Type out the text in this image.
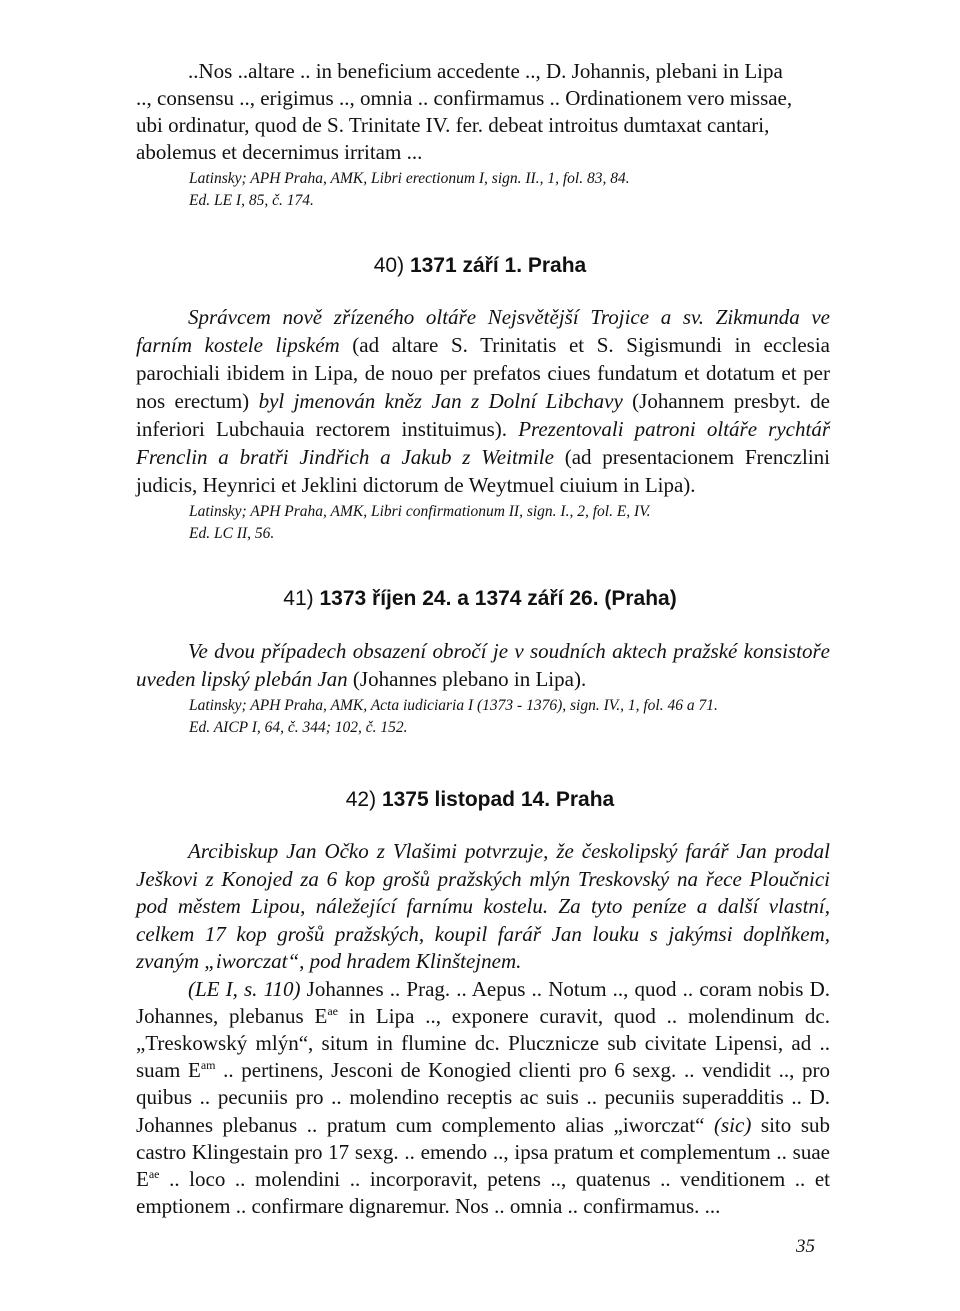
..Nos ..altare .. in beneficium accedente .., D. Johannis, plebani in Lipa
.., consensu .., erigimus .., omnia .. confirmamus .. Ordinationem vero missae,
ubi ordinatur, quod de S. Trinitate IV. fer. debeat introitus dumtaxat cantari,
abolemus et decernimus irritam ...
Latinsky; APH Praha, AMK, Libri erectionum I, sign. II., 1, fol. 83, 84.
Ed. LE I, 85, č. 174.
40) 1371 září 1. Praha
Správcem nově zřízeného oltáře Nejsvětější Trojice a sv. Zikmunda ve farním kostele lipském (ad altare S. Trinitatis et S. Sigismundi in ecclesia parochiali ibidem in Lipa, de nouo per prefatos ciues fundatum et dotatum et per nos erectum) byl jmenován kněz Jan z Dolní Libchavy (Johannem presbyt. de inferiori Lubchauia rectorem instituimus). Prezentovali patroni oltáře rychtář Frenclin a bratři Jindřich a Jakub z Weitmile (ad presentacionem Frenczlini judicis, Heynrici et Jeklini dictorum de Weytmuel ciuium in Lipa).
Latinsky; APH Praha, AMK, Libri confirmationum II, sign. I., 2, fol. E, IV.
Ed. LC II, 56.
41) 1373 říjen 24. a 1374 září 26. (Praha)
Ve dvou případech obsazení obročí je v soudních aktech pražské konsistoře uveden lipský plebán Jan (Johannes plebano in Lipa).
Latinsky; APH Praha, AMK, Acta iudiciaria I (1373 - 1376), sign. IV., 1, fol. 46 a 71.
Ed. AICP I, 64, č. 344; 102, č. 152.
42) 1375 listopad 14. Praha
Arcibiskup Jan Očko z Vlašimi potvrzuje, že českolipský farář Jan prodal Ješkovi z Konojed za 6 kop grošů pražských mlýn Treskovský na řece Ploučnici pod městem Lipou, náležející farnímu kostelu. Za tyto peníze a další vlastní, celkem 17 kop grošů pražských, koupil farář Jan louku s jakýmsi doplňkem, zvaným „iworczat“, pod hradem Klinštejnem.
(LE I, s. 110) Johannes .. Prag. .. Aepus .. Notum .., quod .. coram nobis D. Johannes, plebanus $E^{ae}$ in Lipa .., exponere curavit, quod .. molendinum dc. „Treskowský mlýn“, situm in flumine dc. Plucznicze sub civitate Lipensi, ad .. suam $E^{am}$ .. pertinens, Jesconi de Konogied clienti pro 6 sexg. .. vendidit .., pro quibus .. pecuniis pro .. molendino receptis ac suis .. pecuniis superadditis .. D. Johannes plebanus .. pratum cum complemento alias „iworczat“ (sic) sito sub castro Klingestain pro 17 sexg. .. emendo .., ipsa pratum et complementum .. suae $E^{ae}$ .. loco .. molendini .. incorporavit, petens .., quatenus .. venditionem .. et emptionem .. confirmare dignaremur. Nos .. omnia .. confirmamus. ...
35
